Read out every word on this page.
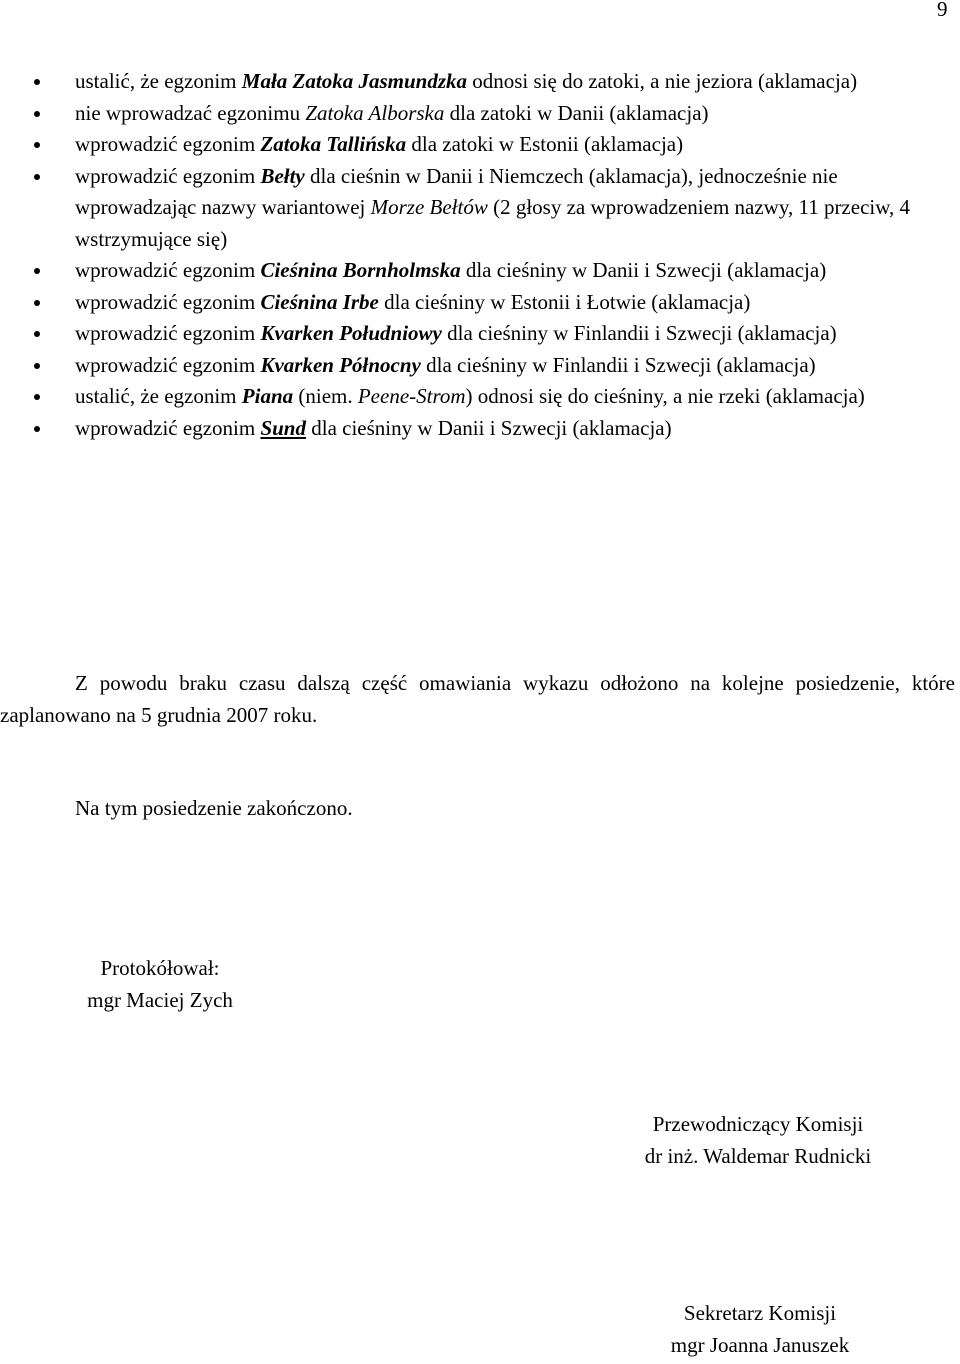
9
ustalić, że egzonim Mała Zatoka Jasmundzka odnosi się do zatoki, a nie jeziora (aklamacja)
nie wprowadzać egzonimu Zatoka Alborska dla zatoki w Danii (aklamacja)
wprowadzić egzonim Zatoka Tallińska dla zatoki w Estonii (aklamacja)
wprowadzić egzonim Bełty dla cieśnin w Danii i Niemczech (aklamacja), jednocześnie nie wprowadzając nazwy wariantowej Morze Bełtów (2 głosy za wprowadzeniem nazwy, 11 przeciw, 4 wstrzymujące się)
wprowadzić egzonim Cieśnina Bornholmska dla cieśniny w Danii i Szwecji (aklamacja)
wprowadzić egzonim Cieśnina Irbe dla cieśniny w Estonii i Łotwie (aklamacja)
wprowadzić egzonim Kvarken Południowy dla cieśniny w Finlandii i Szwecji (aklamacja)
wprowadzić egzonim Kvarken Północny dla cieśniny w Finlandii i Szwecji (aklamacja)
ustalić, że egzonim Piana (niem. Peene-Strom) odnosi się do cieśniny, a nie rzeki (aklamacja)
wprowadzić egzonim Sund dla cieśniny w Danii i Szwecji (aklamacja)

Z powodu braku czasu dalszą część omawiania wykazu odłożono na kolejne posiedzenie, które zaplanowano na 5 grudnia 2007 roku.

Na tym posiedzenie zakończono.

Protokółował:
mgr Maciej Zych
Przewodniczący Komisji
dr inż. Waldemar Rudnicki
Sekretarz Komisji
mgr Joanna Januszek
